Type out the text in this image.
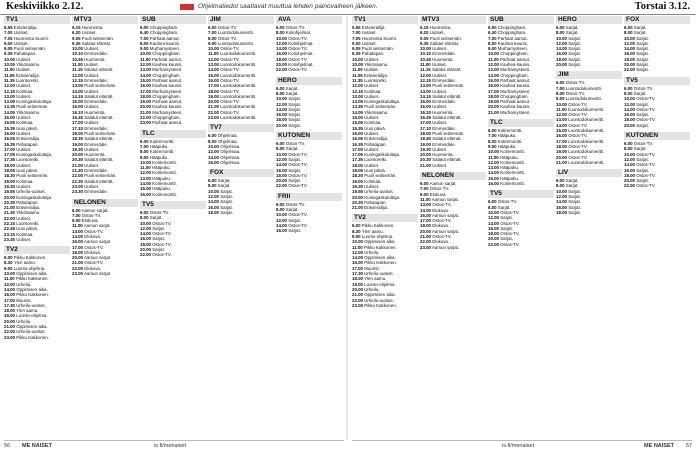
Keskiviikko 2.12.	Ohjelmatiedot saattavat muuttua lehden painovaiheen jälkeen.	Torstai 3.12.
TV1
5.55 Erävierailija.
7.00 Uutiset.
7.05 Huomenta Suomi.
9.00 Uutiset.
9.05 Puoli seitsemän.
9.35 Pahatapari.
10.00 Uutiset.
10.05 Ykkösaamu.
11.00 Uutiset.
11.05 Erävierailija.
11.35 Luontoretki.
12.00 Uutiset.
12.15 Kotimaa.
13.00 Uutiset.
13.05 Kuningaskuluttaja.
13.35 Puoli seitsemän.
14.05 Ykkösaamu.
15.00 Uutiset.
15.05 Kotimaa.
15.35 Uusi päivä.
16.00 Uutiset.
16.05 Erävierailija.
16.35 Pahatapari.
17.00 Uutiset.
17.05 Kuningaskuluttaja.
17.35 Luontoretki.
18.00 Uutiset.
18.05 Uusi päivä.
18.30 Puoli seitsemän.
19.00 Kotimaa.
19.30 Uutiset.
19.55 Urheilu-uutiset.
20.00 Kuningaskuluttaja.
20.30 Pahatapari.
21.00 Erävierailija.
21.30 Ykkösaamu.
22.00 Uutiset.
22.15 Luontoretki.
22.45 Uusi päivä.
23.15 Kotimaa.
23.45 Uutiset.
TV2
6.00 Pikku Kakkonen.
8.30 Ylen aamu.
9.00 Luonto-ohjelma.
10.00 Oppimisen aika.
11.00 Pikku Kakkonen.
12.00 Urheilu.
14.00 Oppimisen aika.
16.00 Pikku Kakkonen.
17.00 Muumit.
17.30 Urheilu-uutiset.
18.00 Ylen aamu.
19.00 Luonto-ohjelma.
20.00 Urheilu.
21.00 Oppimisen aika.
22.00 Urheilu-uutiset.
23.00 Pikku Kakkonen.
MTV3
6.15 Huomenta.
6.20 Uutiset.
9.05 Puoli seitsemän.
9.35 Salatut elämät.
10.00 Uutiset.
10.10 Emmerdale.
10.45 Huomenta.
11.00 Uutiset.
11.15 Salatut elämät.
12.00 Uutiset.
12.15 Emmerdale.
13.00 Puoli seitsemän.
14.00 Uutiset.
14.15 Salatut elämät.
15.00 Emmerdale.
16.00 Uutiset.
16.10 Huomenta.
16.45 Salatut elämät.
17.00 Uutiset.
17.10 Emmerdale.
18.00 Puoli seitsemän.
18.30 Salatut elämät.
19.00 Emmerdale.
19.30 Uutiset.
20.00 Huomenta.
20.30 Salatut elämät.
21.00 Uutiset.
21.30 Emmerdale.
22.00 Puoli seitsemän.
22.30 Salatut elämät.
23.00 Uutiset.
23.30 Emmerdale.
NELONEN
6.00 Aamun sarjat.
7.00 Ostos-TV.
9.00 Elokuva.
11.00 Aamun sarjat.
13.00 Ostos-TV.
14.00 Elokuva.
16.00 Aamun sarjat.
17.00 Ostos-TV.
18.00 Elokuva.
20.00 Aamun sarjat.
21.00 Ostos-TV.
22.00 Elokuva.
23.00 Aamun sarjat.
SUB
6.00 Choppingham.
6.40 Choppingham.
7.00 Parhaat aamut.
8.00 Kauhea kaunis.
9.00 Murhamysteeri.
10.00 Choppingham.
11.00 Parhaat aamut.
12.00 Kauhea kaunis.
13.00 Murhamysteeri.
14.00 Choppingham.
15.00 Parhaat aamut.
16.00 Kauhea kaunis.
17.00 Murhamysteeri.
18.00 Choppingham.
19.00 Parhaat aamut.
20.00 Kauhea kaunis.
21.00 Murhamysteeri.
22.00 Choppingham.
23.00 Parhaat aamut.
TLC
6.00 Kotiremontti.
7.00 Hääpuku.
8.00 Kotiremontti.
9.00 Hääpuku.
10.00 Kotiremontti.
11.00 Hääpuku.
12.00 Kotiremontti.
13.00 Hääpuku.
14.00 Kotiremontti.
15.00 Hääpuku.
16.00 Kotiremontti.
TV5
6.00 Ostos-TV.
8.00 Sarjat.
10.00 Ostos-TV.
12.00 Sarjat.
14.00 Ostos-TV.
16.00 Sarjat.
18.00 Ostos-TV.
20.00 Sarjat.
22.00 Ostos-TV.
JIM
6.00 Ostos-TV.
7.00 Luontodokumentti.
8.00 Ostos-TV.
9.00 Luontodokumentti.
10.00 Ostos-TV.
11.00 Luontodokumentti.
12.00 Ostos-TV.
13.00 Luontodokumentti.
14.00 Ostos-TV.
15.00 Luontodokumentti.
16.00 Ostos-TV.
17.00 Luontodokumentti.
18.00 Ostos-TV.
19.00 Luontodokumentti.
20.00 Ostos-TV.
21.00 Luontodokumentti.
22.00 Ostos-TV.
23.00 Luontodokumentti.
TV7
6.00 Ohjelmaa.
8.00 Ohjelmaa.
10.00 Ohjelmaa.
12.00 Ohjelmaa.
14.00 Ohjelmaa.
16.00 Ohjelmaa.
FOX
6.00 Sarjat.
8.00 Sarjat.
10.00 Sarjat.
12.00 Sarjat.
14.00 Sarjat.
16.00 Sarjat.
18.00 Sarjat.
AVA
6.00 Ostos-TV.
8.00 Kotiohjelmat.
10.00 Ostos-TV.
12.00 Kotiohjelmat.
14.00 Ostos-TV.
16.00 Kotiohjelmat.
18.00 Ostos-TV.
20.00 Kotiohjelmat.
22.00 Ostos-TV.
HERO
6.00 Sarjat.
8.00 Sarjat.
10.00 Sarjat.
12.00 Sarjat.
14.00 Sarjat.
16.00 Sarjat.
18.00 Sarjat.
20.00 Sarjat.
KUTONEN
6.00 Ostos-TV.
8.00 Sarjat.
10.00 Ostos-TV.
12.00 Sarjat.
14.00 Ostos-TV.
16.00 Sarjat.
18.00 Ostos-TV.
20.00 Sarjat.
22.00 Ostos-TV.
FRII
6.00 Ostos-TV.
8.00 Sarjat.
10.00 Ostos-TV.
12.00 Sarjat.
14.00 Ostos-TV.
16.00 Sarjat.
TV1
5.55 Erävierailija.
7.00 Uutiset.
7.05 Huomenta Suomi.
9.00 Uutiset.
9.05 Puoli seitsemän.
9.35 Pahatapari.
10.00 Uutiset.
10.05 Ykkösaamu.
11.00 Uutiset.
11.05 Erävierailija.
11.35 Luontoretki.
12.00 Uutiset.
12.15 Kotimaa.
13.00 Uutiset.
13.05 Kuningaskuluttaja.
13.35 Puoli seitsemän.
14.05 Ykkösaamu.
15.00 Uutiset.
15.05 Kotimaa.
15.35 Uusi päivä.
16.00 Uutiset.
16.05 Erävierailija.
16.35 Pahatapari.
17.00 Uutiset.
17.05 Kuningaskuluttaja.
17.35 Luontoretki.
18.00 Uutiset.
18.05 Uusi päivä.
18.30 Puoli seitsemän.
19.00 Kotimaa.
19.30 Uutiset.
19.55 Urheilu-uutiset.
20.00 Kuningaskuluttaja.
20.30 Pahatapari.
21.00 Erävierailija.
TV2
6.00 Pikku Kakkonen.
8.30 Ylen aamu.
9.00 Luonto-ohjelma.
10.00 Oppimisen aika.
11.00 Pikku Kakkonen.
12.00 Urheilu.
14.00 Oppimisen aika.
16.00 Pikku Kakkonen.
17.00 Muumit.
17.30 Urheilu-uutiset.
18.00 Ylen aamu.
19.00 Luonto-ohjelma.
20.00 Urheilu.
21.00 Oppimisen aika.
22.00 Urheilu-uutiset.
23.00 Pikku Kakkonen.
MTV3
6.15 Huomenta.
6.20 Uutiset.
9.05 Puoli seitsemän.
9.35 Salatut elämät.
10.00 Uutiset.
10.10 Emmerdale.
10.45 Huomenta.
11.00 Uutiset.
11.15 Salatut elämät.
12.00 Uutiset.
12.15 Emmerdale.
13.00 Puoli seitsemän.
14.00 Uutiset.
14.15 Salatut elämät.
15.00 Emmerdale.
16.00 Uutiset.
16.10 Huomenta.
16.45 Salatut elämät.
17.00 Uutiset.
17.10 Emmerdale.
18.00 Puoli seitsemän.
18.30 Salatut elämät.
19.00 Emmerdale.
19.30 Uutiset.
20.00 Huomenta.
20.30 Salatut elämät.
21.00 Uutiset.
NELONEN
6.00 Aamun sarjat.
7.00 Ostos-TV.
9.00 Elokuva.
11.00 Aamun sarjat.
13.00 Ostos-TV.
14.00 Elokuva.
16.00 Aamun sarjat.
17.00 Ostos-TV.
18.00 Elokuva.
20.00 Aamun sarjat.
21.00 Ostos-TV.
22.00 Elokuva.
23.00 Aamun sarjat.
SUB
6.00 Choppingham.
6.40 Choppingham.
7.00 Parhaat aamut.
8.00 Kauhea kaunis.
9.00 Murhamysteeri.
10.00 Choppingham.
11.00 Parhaat aamut.
12.00 Kauhea kaunis.
13.00 Murhamysteeri.
14.00 Choppingham.
15.00 Parhaat aamut.
16.00 Kauhea kaunis.
17.00 Murhamysteeri.
18.00 Choppingham.
19.00 Parhaat aamut.
20.00 Kauhea kaunis.
21.00 Murhamysteeri.
TLC
6.00 Kotiremontti.
7.00 Hääpuku.
8.00 Kotiremontti.
9.00 Hääpuku.
10.00 Kotiremontti.
11.00 Hääpuku.
12.00 Kotiremontti.
13.00 Hääpuku.
14.00 Kotiremontti.
15.00 Hääpuku.
16.00 Kotiremontti.
TV5
6.00 Ostos-TV.
8.00 Sarjat.
10.00 Ostos-TV.
12.00 Sarjat.
14.00 Ostos-TV.
16.00 Sarjat.
18.00 Ostos-TV.
20.00 Sarjat.
22.00 Ostos-TV.
HERO
6.00 Sarjat.
8.00 Sarjat.
10.00 Sarjat.
12.00 Sarjat.
14.00 Sarjat.
16.00 Sarjat.
18.00 Sarjat.
20.00 Sarjat.
JIM
6.00 Ostos-TV.
7.00 Luontodokumentti.
8.00 Ostos-TV.
9.00 Luontodokumentti.
10.00 Ostos-TV.
11.00 Luontodokumentti.
12.00 Ostos-TV.
13.00 Luontodokumentti.
14.00 Ostos-TV.
15.00 Luontodokumentti.
16.00 Ostos-TV.
17.00 Luontodokumentti.
18.00 Ostos-TV.
19.00 Luontodokumentti.
20.00 Ostos-TV.
21.00 Luontodokumentti.
LIV
6.00 Sarjat.
8.00 Sarjat.
10.00 Sarjat.
12.00 Sarjat.
14.00 Sarjat.
16.00 Sarjat.
18.00 Sarjat.
FOX
6.00 Sarjat.
8.00 Sarjat.
10.00 Sarjat.
12.00 Sarjat.
14.00 Sarjat.
16.00 Sarjat.
18.00 Sarjat.
20.00 Sarjat.
22.00 Sarjat.
TV5
6.00 Ostos-TV.
8.00 Sarjat.
10.00 Ostos-TV.
12.00 Sarjat.
14.00 Ostos-TV.
16.00 Sarjat.
18.00 Ostos-TV.
20.00 Sarjat.
KUTONEN
6.00 Ostos-TV.
8.00 Sarjat.
10.00 Ostos-TV.
12.00 Sarjat.
14.00 Ostos-TV.
16.00 Sarjat.
18.00 Ostos-TV.
20.00 Sarjat.
22.00 Ostos-TV.
56 ME NAISET	is.fi/menaiset	is.fi/menaiset	ME NAISET 57
